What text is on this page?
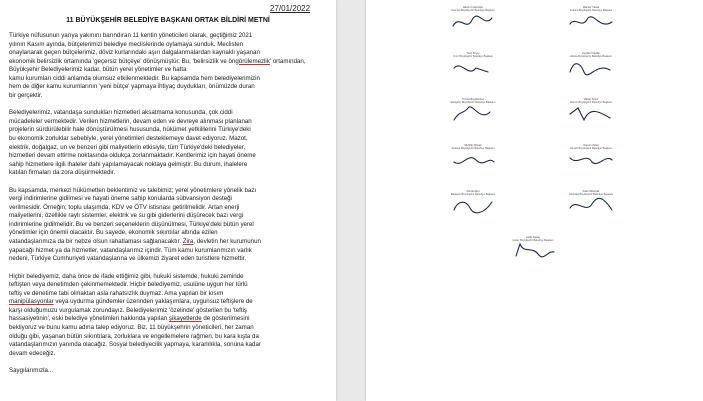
27/01/2022
11 BÜYÜKŞEHİR BELEDİYE BAŞKANI ORTAK BİLDİRİ METNİ

Türkiye nüfusunun yarıya yakınını barındıran 11 kentin yöneticileri olarak, geçtiğimiz 2021
yılının Kasım ayında, bütçelerimizi belediye meclislerinde oylamaya sunduk. Meclisten
onaylanarak geçen bütçelerimiz, döviz kurlarındaki aşırı dalgalanmalardan kaynaklı yaşanan
ekonomik belirsizlik ortamında 'geçersiz bütçeye' dönüşmüştür. Bu, 'belirsizlik ve öngörülemezlik' ortamından, Büyükşehir Belediyelerimiz kadar, bütün yerel yönetimler ve hatta
kamu kurumları ciddi anlamda olumsuz etkilenmektedir. Bu kapsamda hem belediyelerimizin
hem de diğer kamu kurumlarının 'yeni bütçe' yapmaya ihtiyaç duydukları, önümüzde duran
bir gerçektir.

Belediyelerimiz, vatandaşa sundukları hizmetleri aksatmama konusunda, çok ciddi
mücadeleler vermektedir. Verilen hizmetlerin, devam eden ve devreye alınması planlanan
projelerin sürdürülebilir hale dönüştürülmesi hususunda, hükümet yetkililerini Türkiye'deki
bu ekonomik zorluklar sebebiyle, yerel yönetimleri desteklemeye davet ediyoruz. Mazot,
elektrik, doğalgaz, un ve benzeri gibi maliyetlerin etkisiyle, tüm Türkiye'deki belediyeler,
hizmetleri devam ettirme noktasında oldukça zorlanmaktadır. Kentlerimiz için hayati öneme
sahip hizmetlere ilgili ihaleler dahi yapılamayacak noktaya gelmiştir. Bu durum, ihalelere
katılan firmaları da zora düşürmektedir.

Bu kapsamda, merkezi hükümetten beklentimiz ve talebimiz; yerel yönetimlere yönelik bazı
vergi indirimlerine gidilmesi ve hayati öneme sahip konularda sübvansiyon desteği
verilmesidir. Örneğin; toplu ulaşımda, KDV ve ÖTV istisnası getirilmelidir. Artan enerji
maliyetlerini, özellikle raylı sistemler, elektrik ve su gibi giderlerini düşürecek bazı vergi
indirimlerine gidilmelidir. Bu ve benzeri seçeneklerin düşünülmesi, Türkiye'deki bütün yerel
yönetimler için önemli olacaktır. Bu sayede, ekonomik sıkıntılar altında ezilen
vatandaşlarımıza da bir nebze olsun rahatlaması sağlanacaktır. Zira, devletin her kurumunun
yapacağı hizmet ya da hizmetler, vatandaşlarımız içindir. Tüm kamu kurumlarımızın varlık
nedeni, Türkiye Cumhuriyeti vatandaşlarına ve ülkemizi ziyaret eden turistlere hizmettir.

Hiçbir belediyemiz, daha önce de ifade ettiğimiz gibi, hukuki sistemde, hukuki zeminde
teftişten veya denetimden çekinmemektedir. Hiçbir belediyemiz, usulüne uygun her türlü
teftiş ve denetime tabi olmaktan asla rahatsızlık duymaz. Ama yapılan bir kısım
manipülasyonlar veya uydurma gündemler üzerinden yaklaşımlara, uygunsuz teftişlere de
karşı olduğumuzu vurgulamak zorundayız. Belediyelerimiz 'özelinde' gösterilen bu 'teftiş
hassasiyetinin', eski belediye yönetimleri hakkında yapılan şikayetlerde de gösterilmesini
bekliyoruz ve bunu kamu adına talep ediyoruz. Biz, 11 büyükşehrin yöneticileri, her zaman
olduğu gibi, yaşanan bütün sıkıntılara, zorluklara ve engellemelere rağmen, bu kara kışta da
vatandaşlarımızın yanında olacağız. Sosyal belediyecilik yapmaya, kararlılıkla, sonuna kadar
devam edeceğiz.

Saygılarımızla...

Ekrem İmamoğlu
İstanbul Büyükşehir Belediye Başkanı
Mansur Yavaş
Ankara Büyükşehir Belediye Başkanı
Tunç Soyer
İzmir Büyükşehir Belediye Başkanı
Zeydan Karalar
Adana Büyükşehir Belediye Başkanı
Yılmaz Büyükerşen
Eskişehir Büyükşehir Belediye Başkanı
Vahap Seçer
Mersin Büyükşehir Belediye Başkanı
Muhittin Böcek
Antalya Büyükşehir Belediye Başkanı
Osman Zolan
Denizli Büyükşehir Belediye Başkanı
Ahmet Akın
Balıkesir Büyükşehir Belediye Başkanı
Kadir Albayrak
Tekirdağ Büyükşehir Belediye Başkanı
Lütfü Savaş
Hatay Büyükşehir Belediye Başkanı
